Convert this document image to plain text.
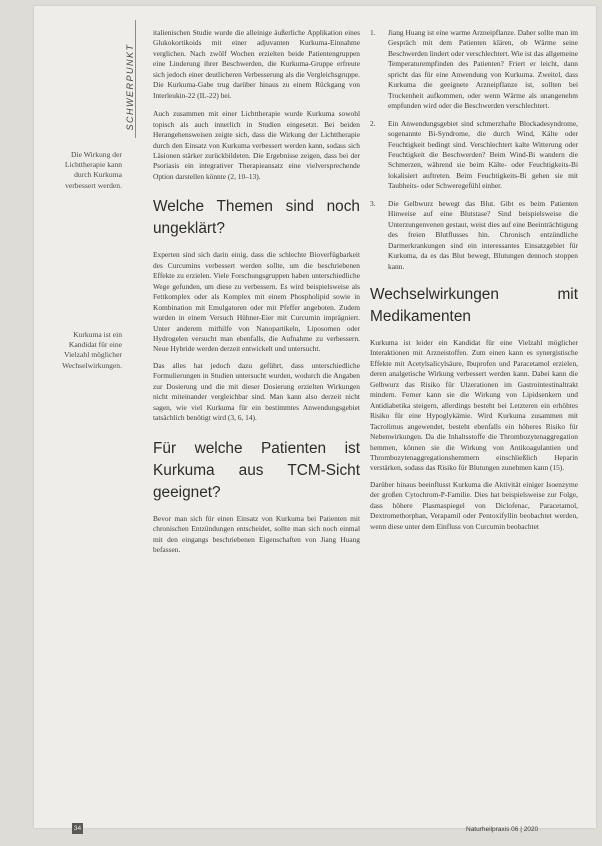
SCHWERPUNKT
Die Wirkung der Lichttherapie kann durch Kurkuma verbessert werden.
Kurkuma ist ein Kandidat für eine Vielzahl möglicher Wechselwirkungen.

italienischen Studie wurde die alleinige äußerliche Applikation eines Glukokortikoids mit einer adjuvanten Kurkuma-Einnahme verglichen. Nach zwölf Wochen erzielten beide Patientengruppen eine Linderung ihrer Beschwerden, die Kurkuma-Gruppe erfreute sich jedoch einer deutlicheren Verbesserung als die Vergleichsgruppe. Die Kurkuma-Gabe trug darüber hinaus zu einem Rückgang von Interleukin-22 (IL-22) bei.

Auch zusammen mit einer Lichttherapie wurde Kurkuma sowohl topisch als auch innerlich in Studien eingesetzt. Bei beiden Herangehensweisen zeigte sich, dass die Wirkung der Lichttherapie durch den Einsatz von Kurkuma verbessert werden kann, sodass sich Läsionen stärker zurückbildeten. Die Ergebnisse zeigen, dass bei der Psoriasis ein integrativer Therapieansatz eine vielversprechende Option darstellen könnte (2, 10–13).

Welche Themen sind noch ungeklärt?

Experten sind sich darin einig, dass die schlechte Bioverfügbarkeit des Curcumins verbessert werden sollte, um die beschriebenen Effekte zu erzielen. Viele Forschungsgruppen haben unterschiedliche Wege gefunden, um diese zu verbessern. Es wird beispielsweise als Fettkomplex oder als Komplex mit einem Phospholipid sowie in Kombination mit Emulgatoren oder mit Pfeffer angeboten. Zudem wurden in einem Versuch Hühner-Eier mit Curcumin imprägniert. Unter anderem mithilfe von Nanopartikeln, Liposomen oder Hydrogelen versucht man ebenfalls, die Aufnahme zu verbessern. Neue Hybride werden derzeit entwickelt und untersucht.

Das alles hat jedoch dazu geführt, dass unterschiedliche Formulierungen in Studien untersucht wurden, wodurch die Angaben zur Dosierung und die mit dieser Dosierung erzielten Wirkungen nicht miteinander vergleichbar sind. Man kann also derzeit nicht sagen, wie viel Kurkuma für ein bestimmtes Anwendungsgebiet tatsächlich benötigt wird (3, 6, 14).

Für welche Patienten ist Kurkuma aus TCM-Sicht geeignet?

Bevor man sich für einen Einsatz von Kurkuma bei Patienten mit chronischen Entzündungen entscheidet, sollte man sich noch einmal mit den eingangs beschriebenen Eigenschaften von Jiang Huang befassen.

1. Jiang Huang ist eine warme Arzneipflanze. Daher sollte man im Gespräch mit dem Patienten klären, ob Wärme seine Beschwerden lindert oder verschlechtert. Wie ist das allgemeine Temperaturempfinden des Patienten? Friert er leicht, dann spricht das für eine Anwendung von Kurkuma. Zweitel, dass Kurkuma die geeignete Arzneipflanze ist, sollten bei Trockenheit aufkommen, oder wenn Wärme als unangenehm empfunden wird oder die Beschwerden verschlechtert.
2. Ein Anwendungsgebiet sind schmerzhafte Blockadesyndrome, sogenannte Bi-Syndrome, die durch Wind, Kälte oder Feuchtigkeit bedingt sind. Verschlechtert kalte Witterung oder Feuchtigkeit die Beschwerden? Beim Wind-Bi wandern die Schmerzen, während sie beim Kälte- oder Feuchtigkeits-Bi lokalisiert auftreten. Beim Feuchtigkeits-Bi gehen sie mit Taubheits- oder Schweregefühl einher.
3. Die Gelbwurz bewegt das Blut. Gibt es beim Patienten Hinweise auf eine Blutstase? Sind beispielsweise die Unterzungenvenen gestaut, weist dies auf eine Beeinträchtigung des freien Blutflusses hin. Chronisch entzündliche Darmerkrankungen sind ein interessantes Einsatzgebiet für Kurkuma, da es das Blut bewegt, Blutungen dennoch stoppen kann.
Wechselwirkungen mit Medikamenten

Kurkuma ist leider ein Kandidat für eine Vielzahl möglicher Interaktionen mit Arzneistoffen. Zum einen kann es synergistische Effekte mit Acetylsalicylsäure, Ibuprofen und Paracetamol erzielen, deren analgetische Wirkung verbessert werden kann. Dabei kann die Gelbwurz das Risiko für Ulzerationen im Gastrointestinaltrakt mindern. Ferner kann sie die Wirkung von Lipidsenkern und Antidiabetika steigern, allerdings besteht bei Letzteren ein erhöhtes Risiko für eine Hypoglykämie. Wird Kurkuma zusammen mit Tacrolimus angewendet, besteht ebenfalls ein höheres Risiko für Nebenwirkungen. Da die Inhaltsstoffe die Thrombozytenaggregation hemmen, können sie die Wirkung von Antikoagulantien und Thrombozytenaggregationshemmern einschließlich Heparin verstärken, sodass das Risiko für Blutungen zunehmen kann (15).

Darüber hinaus beeinflusst Kurkuma die Aktivität einiger Isoenzyme der großen Cytochrom-P-Familie. Dies hat beispielsweise zur Folge, dass höhere Plasmaspiegel von Diclofenac, Paracetamol, Dextromethorphan, Verapamil oder Pentoxifyllin beobachtet werden, wenn diese unter dem Einfluss von Curcumin beobachtet

34	Naturheilpraxis 06 | 2020
